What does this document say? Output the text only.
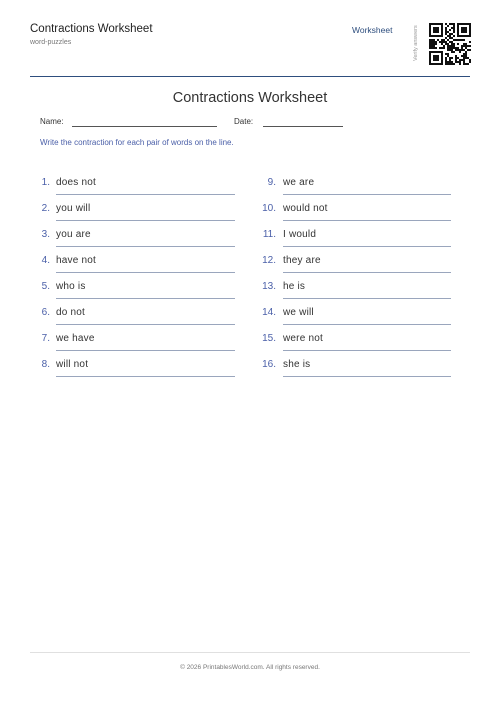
Contractions Worksheet
word-puzzles
Worksheet	Verify answers
Contractions Worksheet
Name:	Date:
Write the contraction for each pair of words on the line.
1. does not
2. you will
3. you are
4. have not
5. who is
6. do not
7. we have
8. will not
9. we are
10. would not
11. I would
12. they are
13. he is
14. we will
15. were not
16. she is
© 2026 PrintablesWorld.com. All rights reserved.
